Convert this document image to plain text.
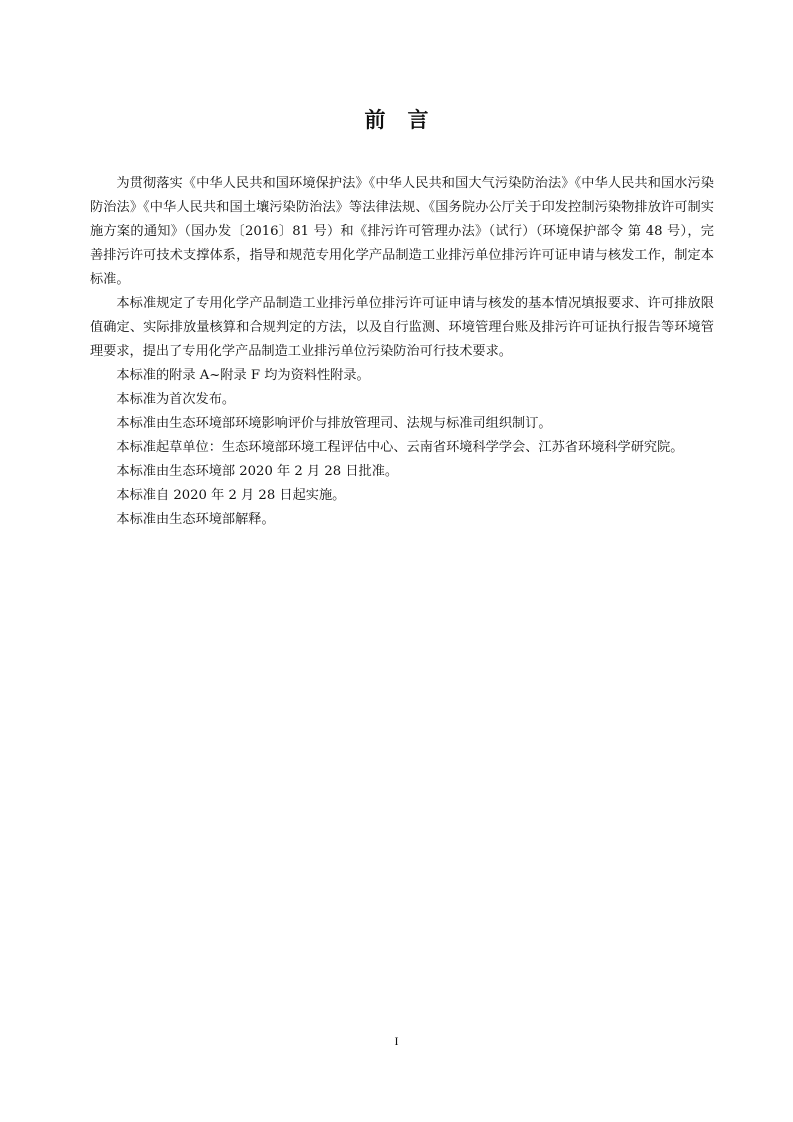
前 言

为贯彻落实《中华人民共和国环境保护法》《中华人民共和国大气污染防治法》《中华人民共和国水污染防治法》《中华人民共和国土壤污染防治法》等法律法规、《国务院办公厅关于印发控制污染物排放许可制实施方案的通知》（国办发〔2016〕81 号）和《排污许可管理办法》（试行）（环境保护部令 第 48 号），完善排污许可技术支撑体系，指导和规范专用化学产品制造工业排污单位排污许可证申请与核发工作，制定本标准。

本标准规定了专用化学产品制造工业排污单位排污许可证申请与核发的基本情况填报要求、许可排放限值确定、实际排放量核算和合规判定的方法，以及自行监测、环境管理台账及排污许可证执行报告等环境管理要求，提出了专用化学产品制造工业排污单位污染防治可行技术要求。

本标准的附录 A~附录 F 均为资料性附录。

本标准为首次发布。

本标准由生态环境部环境影响评价与排放管理司、法规与标准司组织制订。

本标准起草单位：生态环境部环境工程评估中心、云南省环境科学学会、江苏省环境科学研究院。

本标准由生态环境部 2020 年 2 月 28 日批准。

本标准自 2020 年 2 月 28 日起实施。

本标准由生态环境部解释。

I
